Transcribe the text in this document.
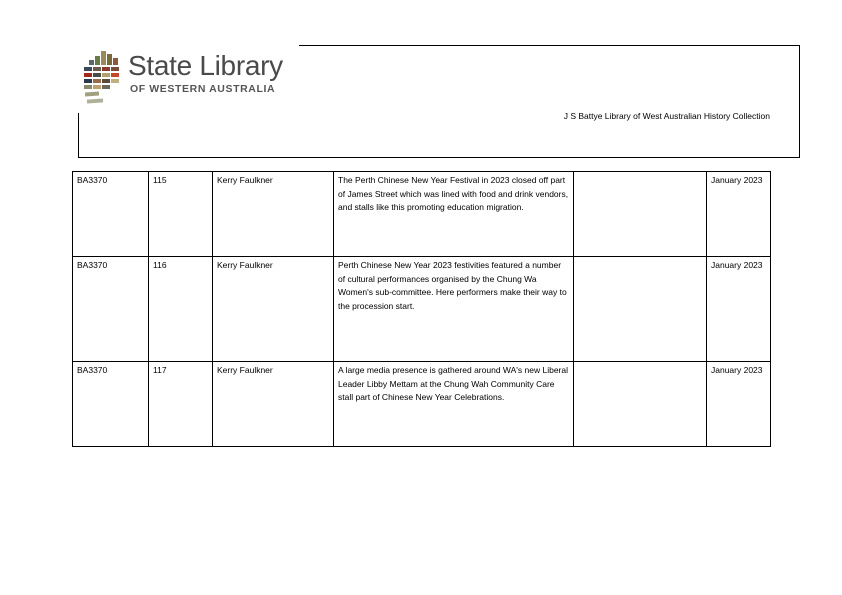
State Library
OF WESTERN AUSTRALIA
J S Battye Library of West Australian History Collection
BA3370	115	Kerry Faulkner	The Perth Chinese New Year Festival in 2023 closed off part of James Street which was lined with food and drink vendors, and stalls like this promoting education migration.		January 2023
BA3370	116	Kerry Faulkner	Perth Chinese New Year 2023 festivities featured a number of cultural performances organised by the Chung Wa Women's sub-committee. Here performers make their way to the procession start.		January 2023
BA3370	117	Kerry Faulkner	A large media presence is gathered around WA's new Liberal Leader Libby Mettam at the Chung Wah Community Care stall part of Chinese New Year Celebrations.		January 2023
